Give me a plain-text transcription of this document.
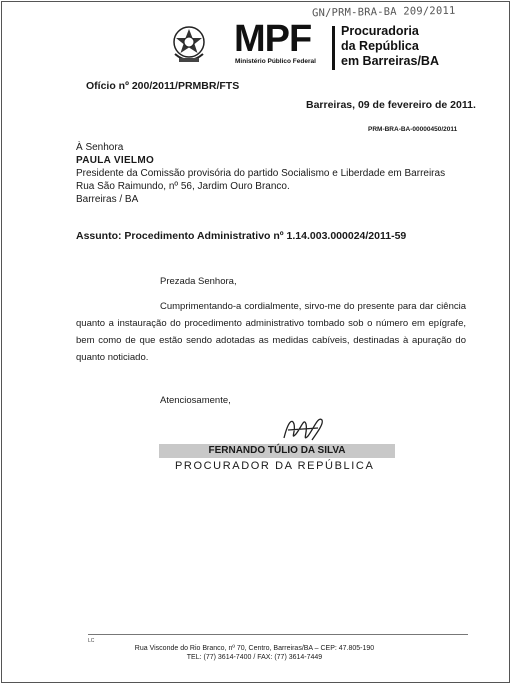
GN/PRM-BRA-BA 209/2011
MPF
Ministério Público Federal
Procuradoria
da República
em Barreiras/BA
Ofício nº 200/2011/PRMBR/FTS
Barreiras, 09 de fevereiro de 2011.
PRM-BRA-BA-00000450/2011
À Senhora
PAULA VIELMO
Presidente da Comissão provisória do partido Socialismo e Liberdade em Barreiras
Rua São Raimundo, nº 56, Jardim Ouro Branco.
Barreiras / BA
Assunto: Procedimento Administrativo nº 1.14.003.000024/2011-59
Prezada Senhora,
Cumprimentando-a cordialmente, sirvo-me do presente para dar ciência quanto a instauração do procedimento administrativo tombado sob o número em epígrafe, bem como de que estão sendo adotadas as medidas cabíveis, destinadas à apuração do quanto noticiado.
Atenciosamente,
FERNANDO TÚLIO DA SILVA
PROCURADOR DA REPÚBLICA
LC
Rua Visconde do Rio Branco, nº 70, Centro, Barreiras/BA – CEP: 47.805-190
TEL: (77) 3614-7400 / FAX: (77) 3614-7449
